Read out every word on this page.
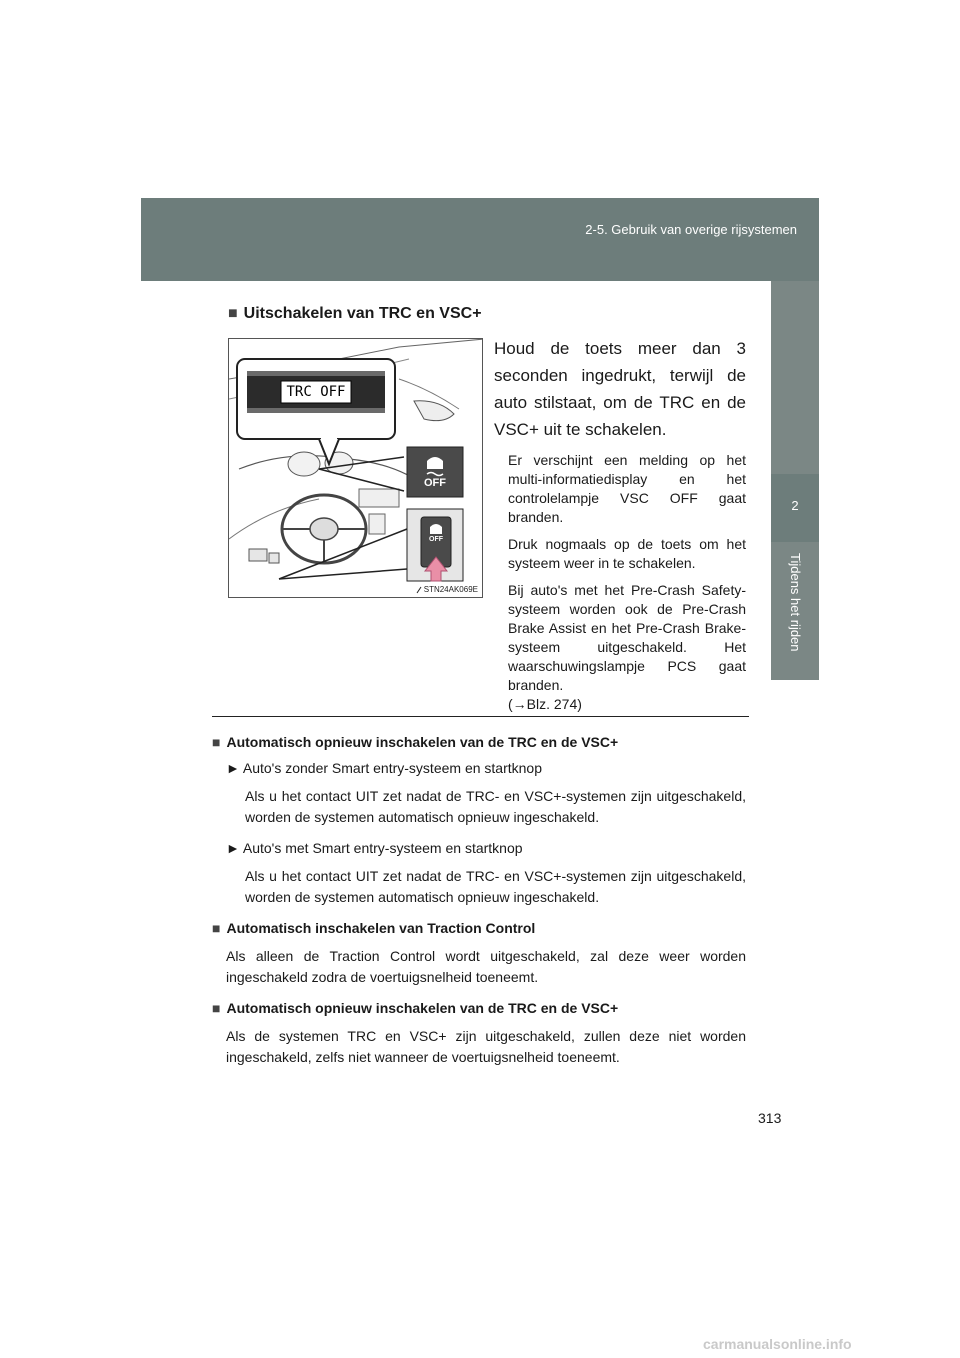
2-5. Gebruik van overige rijsystemen
2
Tijdens het rijden
■ Uitschakelen van TRC en VSC+
TRC OFF
OFF
OFF
STN24AK069E

Houd de toets meer dan 3 seconden ingedrukt, terwijl de auto stilstaat, om de TRC en de VSC+ uit te schakelen.

Er verschijnt een melding op het multi-informatiedisplay en het controlelampje VSC OFF gaat branden.

Druk nogmaals op de toets om het systeem weer in te schakelen.

Bij auto's met het Pre-Crash Safety-systeem worden ook de Pre-Crash Brake Assist en het Pre-Crash Brake-systeem uitgeschakeld. Het waarschuwingslampje PCS gaat branden.

(→Blz. 274)

■ Automatisch opnieuw inschakelen van de TRC en de VSC+

► Auto's zonder Smart entry-systeem en startknop

Als u het contact UIT zet nadat de TRC- en VSC+-systemen zijn uitgeschakeld, worden de systemen automatisch opnieuw ingeschakeld.

► Auto's met Smart entry-systeem en startknop

Als u het contact UIT zet nadat de TRC- en VSC+-systemen zijn uitgeschakeld, worden de systemen automatisch opnieuw ingeschakeld.

■ Automatisch inschakelen van Traction Control

Als alleen de Traction Control wordt uitgeschakeld, zal deze weer worden ingeschakeld zodra de voertuigsnelheid toeneemt.

■ Automatisch opnieuw inschakelen van de TRC en de VSC+

Als de systemen TRC en VSC+ zijn uitgeschakeld, zullen deze niet worden ingeschakeld, zelfs niet wanneer de voertuigsnelheid toeneemt.

313
carmanualsonline.info
